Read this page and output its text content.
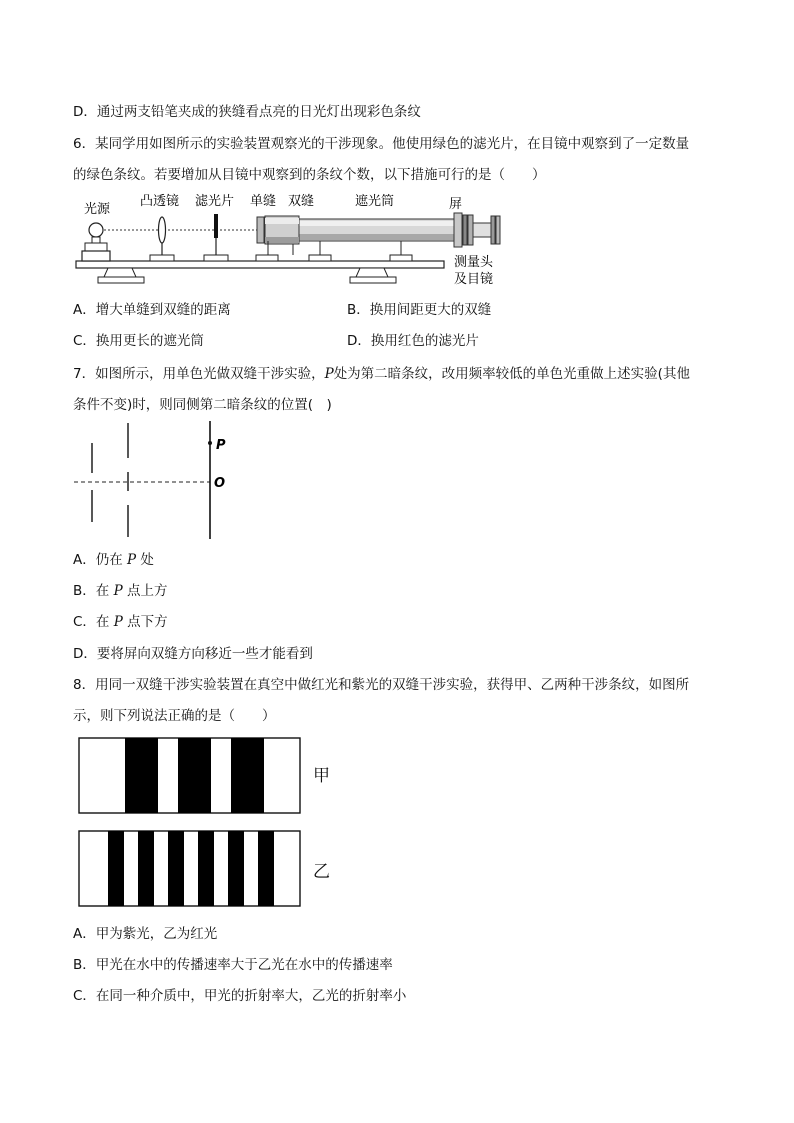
D．通过两支铅笔夹成的狭缝看点亮的日光灯出现彩色条纹
6．某同学用如图所示的实验装置观察光的干涉现象。他使用绿色的滤光片，在目镜中观察到了一定数量
的绿色条纹。若要增加从目镜中观察到的条纹个数，以下措施可行的是（　　）
光源
凸透镜 滤光片 单缝 双缝	遮光筒	屏
测量头
及目镜
A．增大单缝到双缝的距离	B．换用间距更大的双缝
C．换用更长的遮光筒	D．换用红色的滤光片
7．如图所示，用单色光做双缝干涉实验，P处为第二暗条纹，改用频率较低的单色光重做上述实验(其他
条件不变)时，则同侧第二暗条纹的位置(　)
P
O
A．仍在 P 处
B．在 P 点上方
C．在 P 点下方
D．要将屏向双缝方向移近一些才能看到
8．用同一双缝干涉实验装置在真空中做红光和紫光的双缝干涉实验，获得甲、乙两种干涉条纹，如图所
示，则下列说法正确的是（　　）
甲
乙
A．甲为紫光，乙为红光
B．甲光在水中的传播速率大于乙光在水中的传播速率
C．在同一种介质中，甲光的折射率大，乙光的折射率小
